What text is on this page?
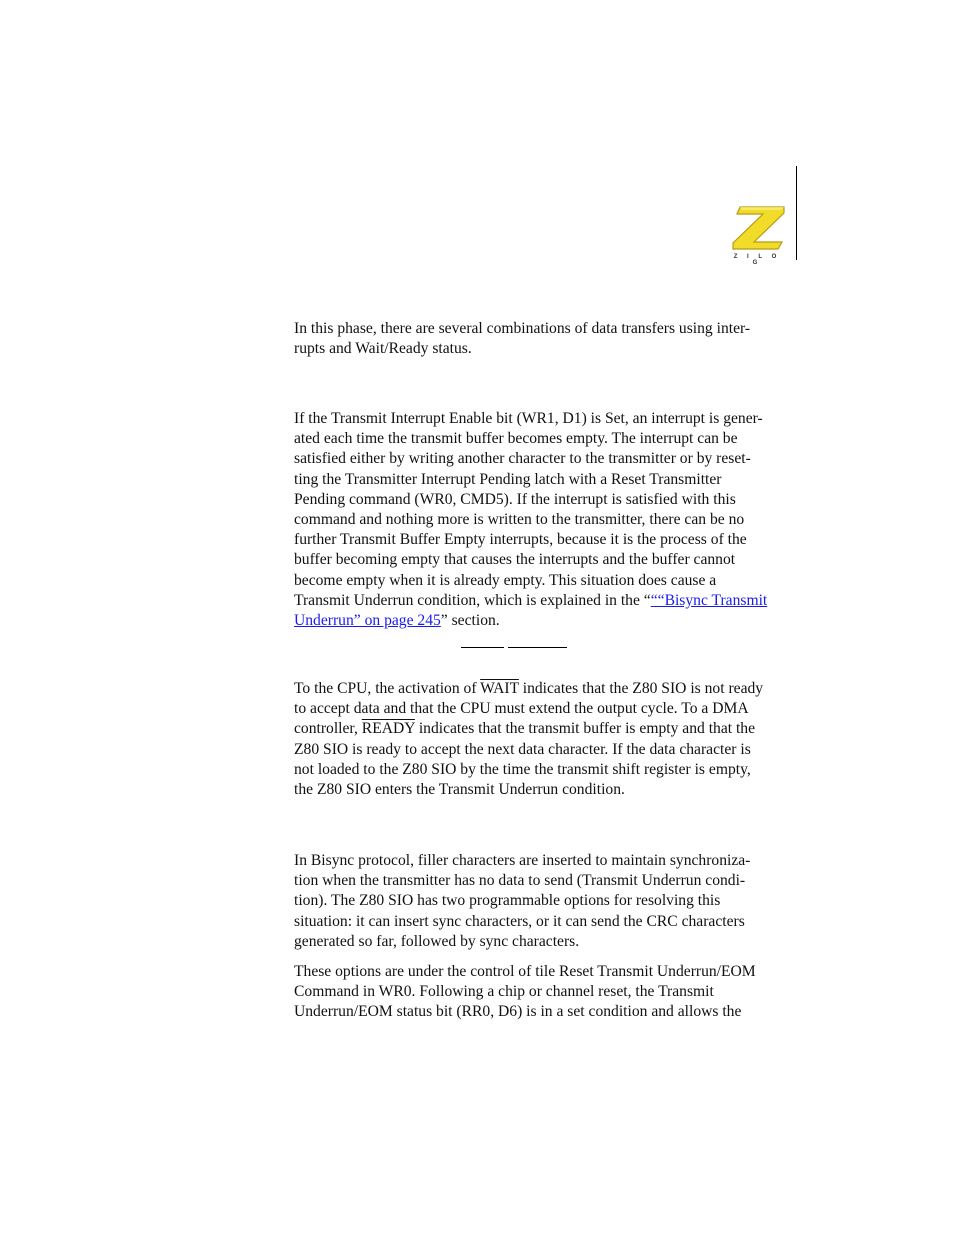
Z I L O G
In this phase, there are several combinations of data transfers using inter-
rupts and Wait/Ready status.
If the Transmit Interrupt Enable bit (WR1, D1) is Set, an interrupt is gener-
ated each time the transmit buffer becomes empty. The interrupt can be
satisfied either by writing another character to the transmitter or by reset-
ting the Transmitter Interrupt Pending latch with a Reset Transmitter
Pending command (WR0, CMD5). If the interrupt is satisfied with this
command and nothing more is written to the transmitter, there can be no
further Transmit Buffer Empty interrupts, because it is the process of the
buffer becoming empty that causes the interrupts and the buffer cannot
become empty when it is already empty. This situation does cause a
Transmit Underrun condition, which is explained in the “““Bisync Transmit
Underrun” on page 245” section.
To the CPU, the activation of WAIT indicates that the Z80 SIO is not ready
to accept data and that the CPU must extend the output cycle. To a DMA
controller, READY indicates that the transmit buffer is empty and that the
Z80 SIO is ready to accept the next data character. If the data character is
not loaded to the Z80 SIO by the time the transmit shift register is empty,
the Z80 SIO enters the Transmit Underrun condition.
In Bisync protocol, filler characters are inserted to maintain synchroniza-
tion when the transmitter has no data to send (Transmit Underrun condi-
tion). The Z80 SIO has two programmable options for resolving this
situation: it can insert sync characters, or it can send the CRC characters
generated so far, followed by sync characters.
These options are under the control of tile Reset Transmit Underrun/EOM
Command in WR0. Following a chip or channel reset, the Transmit
Underrun/EOM status bit (RR0, D6) is in a set condition and allows the
